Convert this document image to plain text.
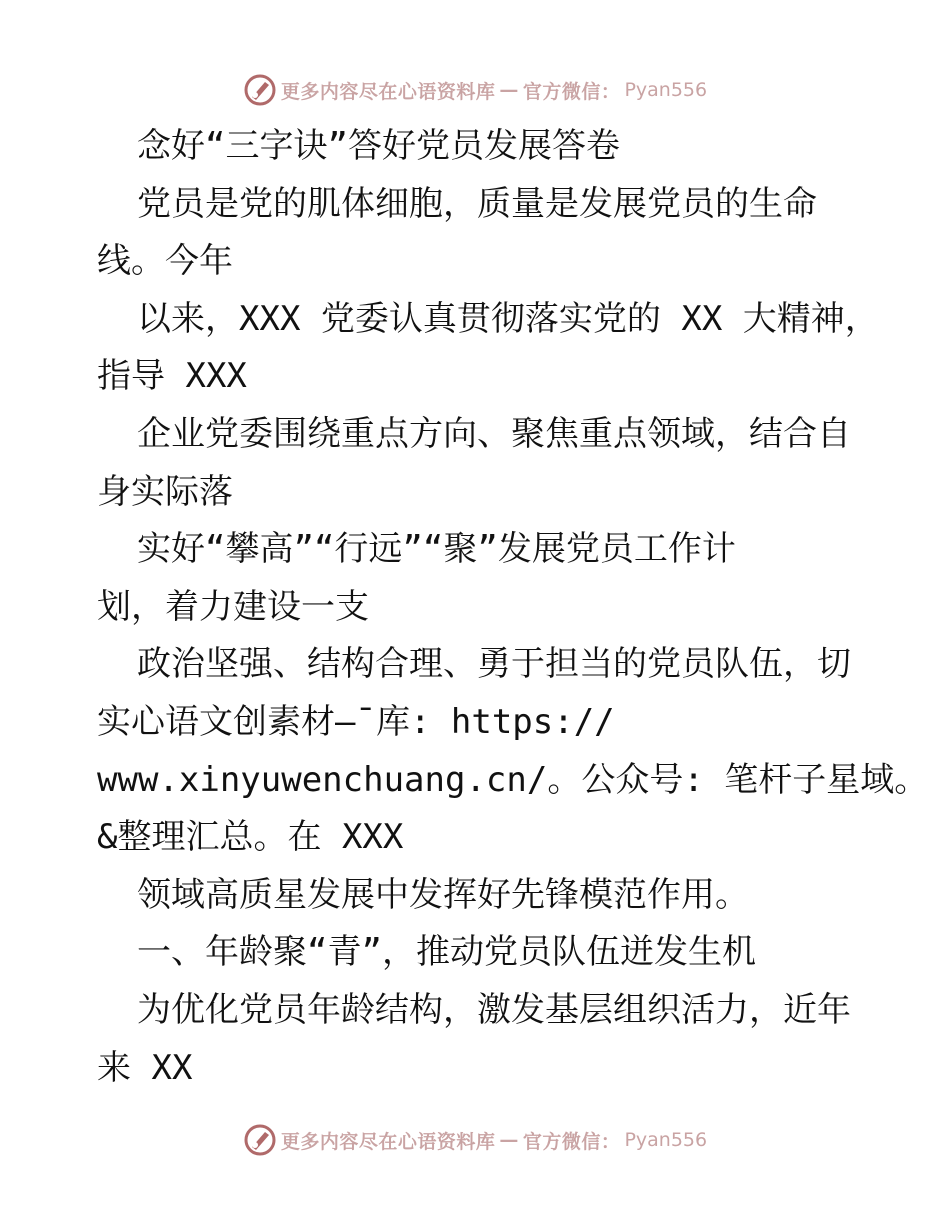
更多内容尽在心语资料库 — 官方微信： Pyan556
念好“三字诀”答好党员发展答卷
党员是党的肌体细胞，质量是发展党员的生命
线。今年
以来，XXX 党委认真贯彻落实党的 XX 大精神，
指导 XXX
企业党委围绕重点方向、聚焦重点领域，结合自
身实际落
实好“攀高”“行远”“聚”发展党员工作计
划，着力建设一支
政治坚强、结构合理、勇于担当的党员队伍，切
实心语文创素材—¯库: https://
www.xinyuwenchuang.cn/。公众号: 笔杆子星域。
&整理汇总。在 XXX
领域高质星发展中发挥好先锋模范作用。
一、年龄聚“青”，推动党员队伍迸发生机
为优化党员年龄结构，激发基层组织活力，近年
来 XX
更多内容尽在心语资料库 — 官方微信： Pyan556
